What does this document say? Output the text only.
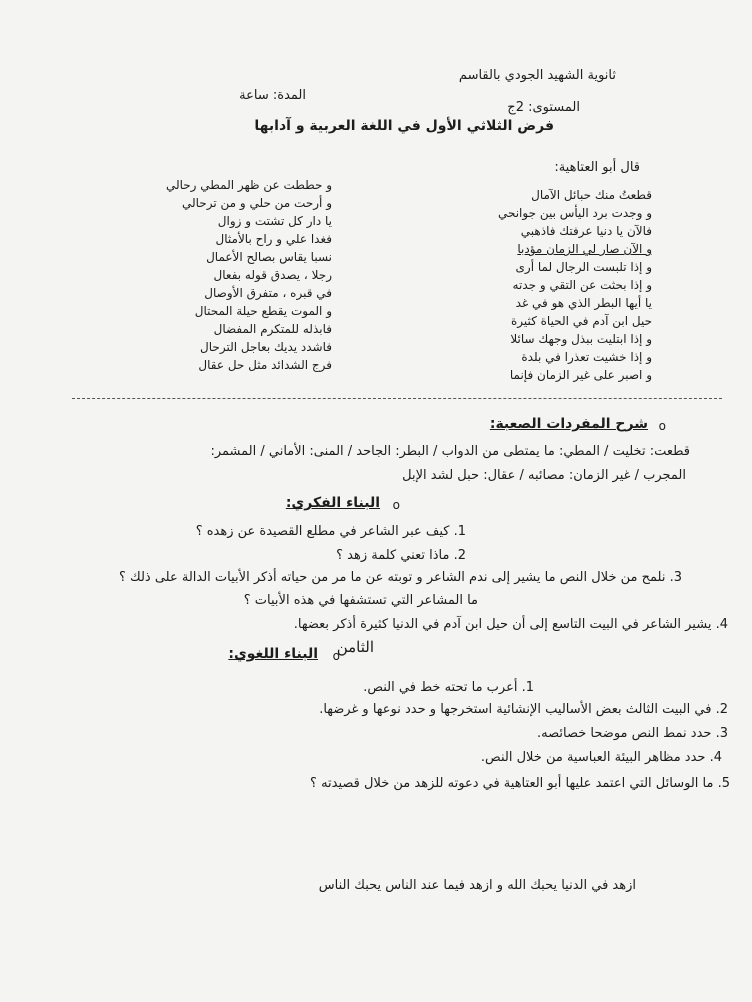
ثانوية الشهيد الجودي بالقاسم
المستوى: 2ج
المدة: ساعة
فرض الثلاثي الأول في اللغة العربية و آدابها
قال أبو العتاهية:
قطعتُ منك حبائل الآمال
و وجدت برد اليأس بين جوانحي
فالآن يا دنيا عرفتك فاذهبي
و الآن صار لي الزمان مؤدبا
و إذا تلبست الرجال لما أرى
و إذا بحثت عن التقي و جدته
يا أيها البطر الذي هو في غد
حيل ابن آدم في الحياة كثيرة
و إذا ابتليت ببذل وجهك سائلا
و إذا خشيت تعذرا في بلدة
و اصبر على غير الزمان فإنما
و حططت عن ظهر المطي رحالي
و أرحت من حلي و من ترحالي
يا دار كل تشتت و زوال
فغدا علي و راح بالأمثال
نسبا يقاس بصالح الأعمال
رجلا ، يصدق قوله بفعال
في قبره ، متفرق الأوصال
و الموت يقطع حيلة المحتال
فابذله للمتكرم المفضال
فاشدد يديك بعاجل الترحال
فرج الشدائد مثل حل عقال
o
شرح المفردات الصعبة:
قطعت: تخليت / المطي: ما يمتطى من الدواب / البطر: الجاحد / المنى: الأماني / المشمر:
المجرب / غير الزمان: مصائبه / عقال: حبل لشد الإبل
o
البناء الفكري:
1. كيف عبر الشاعر في مطلع القصيدة عن زهده ؟
2. ماذا تعني كلمة زهد ؟
3. نلمح من خلال النص ما يشير إلى ندم الشاعر و توبته عن ما مر من حياته أذكر الأبيات الدالة على ذلك ؟
ما المشاعر التي تستشفها في هذه الأبيات ؟
4. يشير الشاعر في البيت التاسع إلى أن حيل ابن آدم في الدنيا كثيرة أذكر بعضها.
الثامن
o
البناء اللغوي:
1. أعرب ما تحته خط في النص.
2. في البيت الثالث بعض الأساليب الإنشائية استخرجها و حدد نوعها و غرضها.
3. حدد نمط النص موضحا خصائصه.
4. حدد مظاهر البيئة العباسية من خلال النص.
5. ما الوسائل التي اعتمد عليها أبو العتاهية في دعوته للزهد من خلال قصيدته ؟
ازهد في الدنيا يحبك الله و ازهد فيما عند الناس يحبك الناس
